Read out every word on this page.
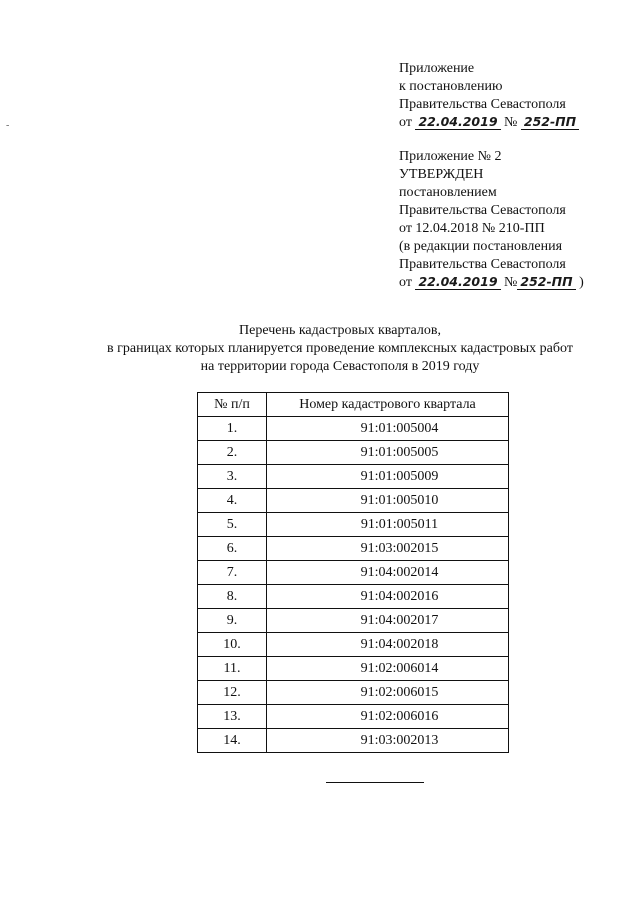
-
Приложение
к постановлению
Правительства Севастополя
от 22.04.2019 № 252-ПП
Приложение № 2
УТВЕРЖДЕН
постановлением
Правительства Севастополя
от 12.04.2018 № 210-ПП
(в редакции постановления
Правительства Севастополя
от 22.04.2019 № 252-ПП )
Перечень кадастровых кварталов,
в границах которых планируется проведение комплексных кадастровых работ
на территории города Севастополя в 2019 году
№ п/п	Номер кадастрового квартала
1.	91:01:005004
2.	91:01:005005
3.	91:01:005009
4.	91:01:005010
5.	91:01:005011
6.	91:03:002015
7.	91:04:002014
8.	91:04:002016
9.	91:04:002017
10.	91:04:002018
11.	91:02:006014
12.	91:02:006015
13.	91:02:006016
14.	91:03:002013
